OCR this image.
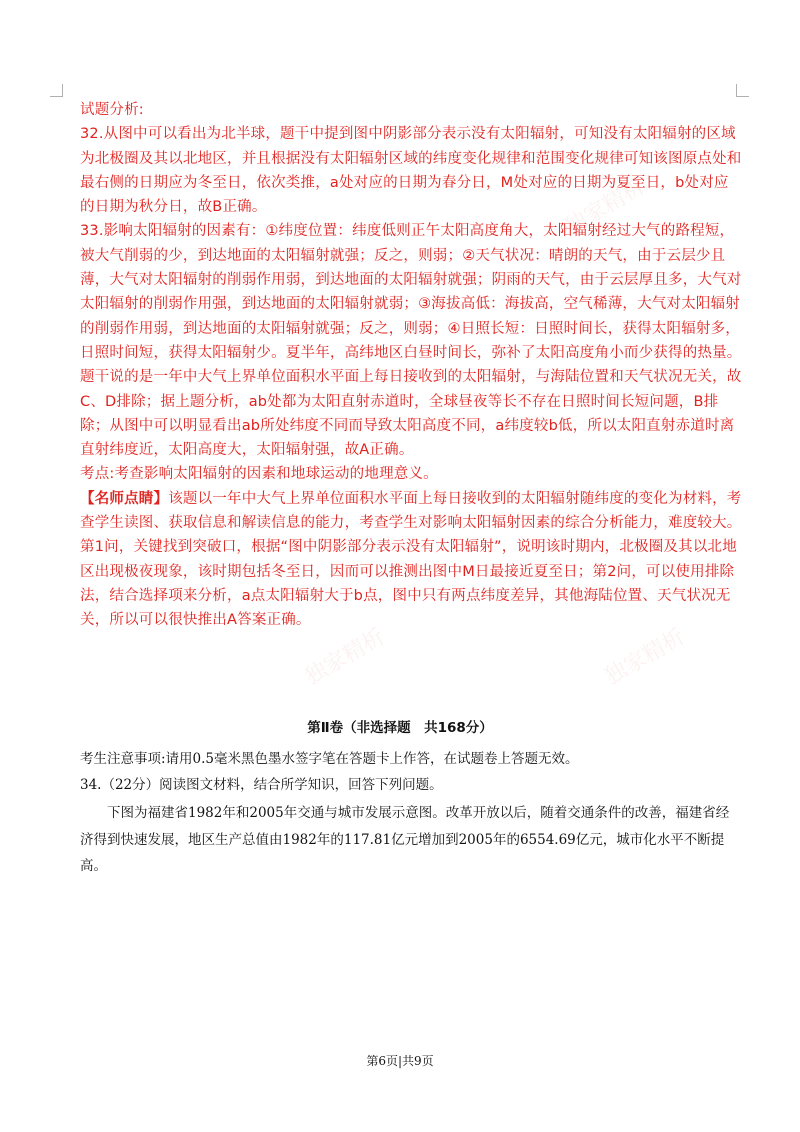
独家精析
独家精析	独家精析

试题分析:

32.从图中可以看出为北半球，题干中提到图中阴影部分表示没有太阳辐射，可知没有太阳辐射的区域为北极圈及其以北地区，并且根据没有太阳辐射区域的纬度变化规律和范围变化规律可知该图原点处和最右侧的日期应为冬至日，依次类推，a处对应的日期为春分日，M处对应的日期为夏至日，b处对应的日期为秋分日，故B正确。

33.影响太阳辐射的因素有：①纬度位置：纬度低则正午太阳高度角大，太阳辐射经过大气的路程短，被大气削弱的少，到达地面的太阳辐射就强；反之，则弱；②天气状况：晴朗的天气，由于云层少且薄，大气对太阳辐射的削弱作用弱，到达地面的太阳辐射就强；阴雨的天气，由于云层厚且多，大气对太阳辐射的削弱作用强，到达地面的太阳辐射就弱；③海拔高低：海拔高，空气稀薄，大气对太阳辐射的削弱作用弱，到达地面的太阳辐射就强；反之，则弱；④日照长短：日照时间长，获得太阳辐射多，日照时间短，获得太阳辐射少。夏半年，高纬地区白昼时间长，弥补了太阳高度角小而少获得的热量。题干说的是一年中大气上界单位面积水平面上每日接收到的太阳辐射，与海陆位置和天气状况无关，故C、D排除；据上题分析，ab处都为太阳直射赤道时，全球昼夜等长不存在日照时间长短问题，B排除；从图中可以明显看出ab所处纬度不同而导致太阳高度不同，a纬度较b低，所以太阳直射赤道时离直射纬度近，太阳高度大，太阳辐射强，故A正确。

考点:考查影响太阳辐射的因素和地球运动的地理意义。

【名师点睛】该题以一年中大气上界单位面积水平面上每日接收到的太阳辐射随纬度的变化为材料，考查学生读图、获取信息和解读信息的能力，考查学生对影响太阳辐射因素的综合分析能力，难度较大。第1问，关键找到突破口，根据“图中阴影部分表示没有太阳辐射”，说明该时期内，北极圈及其以北地区出现极夜现象，该时期包括冬至日，因而可以推测出图中M日最接近夏至日；第2问，可以使用排除法，结合选择项来分析，a点太阳辐射大于b点，图中只有两点纬度差异，其他海陆位置、天气状况无关，所以可以很快推出A答案正确。

第Ⅱ卷（非选择题　共168分）
考生注意事项:请用0.5毫米黑色墨水签字笔在答题卡上作答，在试题卷上答题无效。
34.（22分）阅读图文材料，结合所学知识，回答下列问题。
下图为福建省1982年和2005年交通与城市发展示意图。改革开放以后，随着交通条件的改善，福建省经济得到快速发展，地区生产总值由1982年的117.81亿元增加到2005年的6554.69亿元，城市化水平不断提高。
第6页|共9页
